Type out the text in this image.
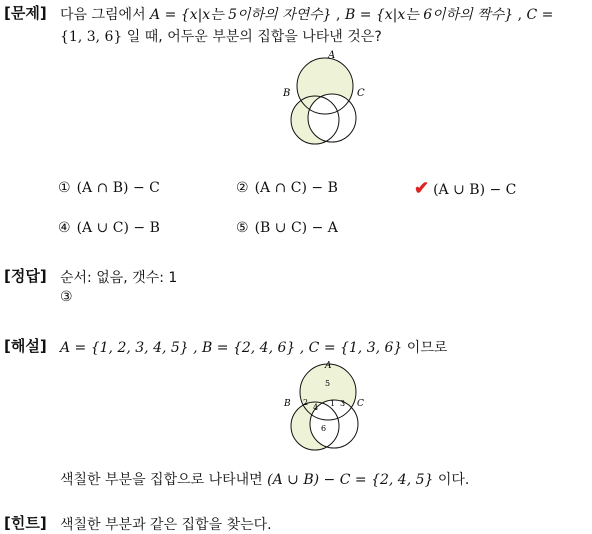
[문제] 다음 그림에서 A = {x|x는 5이하의 자연수} , B = {x|x는 6이하의 짝수} , C =
{1, 3, 6} 일 때, 어두운 부분의 집합을 나타낸 것은?
A
B	C
① (A ∩ B) − C	② (A ∩ C) − B	✔ (A ∪ B) − C
④ (A ∪ C) − B	⑤ (B ∪ C) − A
[정답] 순서: 없음, 갯수: 1
③
[해설] A = {1, 2, 3, 4, 5} , B = {2, 4, 6} , C = {1, 3, 6} 이므로
A
B	C
5
2
4 1 3
6
색칠한 부분을 집합으로 나타내면 (A ∪ B) − C = {2, 4, 5} 이다.
[힌트] 색칠한 부분과 같은 집합을 찾는다.
